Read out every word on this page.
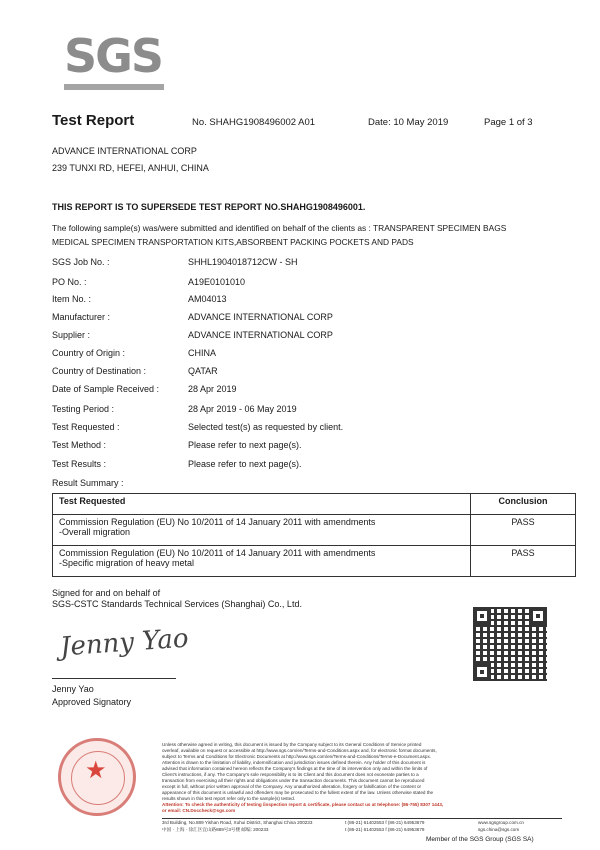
SGS
Test Report	No. SHAHG1908496002 A01	Date: 10 May 2019	Page 1 of 3
ADVANCE INTERNATIONAL CORP
239 TUNXI RD, HEFEI, ANHUI, CHINA
THIS REPORT IS TO SUPERSEDE TEST REPORT NO.SHAHG1908496001.
The following sample(s) was/were submitted and identified on behalf of the clients as : TRANSPARENT SPECIMEN BAGS
MEDICAL SPECIMEN TRANSPORTATION KITS,ABSORBENT PACKING POCKETS AND PADS
SGS Job No. :	SHHL1904018712CW - SH
PO No. :	A19E0101010
Item No. :	AM04013
Manufacturer :	ADVANCE INTERNATIONAL CORP
Supplier :	ADVANCE INTERNATIONAL CORP
Country of Origin :	CHINA
Country of Destination :	QATAR
Date of Sample Received :	28 Apr 2019
Testing Period :	28 Apr 2019 - 06 May 2019
Test Requested :	Selected test(s) as requested by client.
Test Method :	Please refer to next page(s).
Test Results :	Please refer to next page(s).
Result Summary :
Test Requested	Conclusion

Commission Regulation (EU) No 10/2011 of 14 January 2011 with amendments
-Overall migration	PASS

Commission Regulation (EU) No 10/2011 of 14 January 2011 with amendments
-Specific migration of heavy metal	PASS
Signed for and on behalf of
SGS-CSTC Standards Technical Services (Shanghai) Co., Ltd.
Jenny Yao
Jenny Yao
Approved Signatory
★
Unless otherwise agreed in writing, this document is issued by the Company subject to its General Conditions of Service printed
overleaf, available on request or accessible at http://www.sgs.com/en/Terms-and-Conditions.aspx and, for electronic format documents,
subject to Terms and Conditions for Electronic Documents at http://www.sgs.com/en/Terms-and-Conditions/Terms-e-Document.aspx.
Attention is drawn to the limitation of liability, indemnification and jurisdiction issues defined therein. Any holder of this document is
advised that information contained hereon reflects the Company's findings at the time of its intervention only and within the limits of
Client's instructions, if any. The Company's sole responsibility is to its Client and this document does not exonerate parties to a
transaction from exercising all their rights and obligations under the transaction documents. This document cannot be reproduced
except in full, without prior written approval of the Company. Any unauthorized alteration, forgery or falsification of the content or
appearance of this document is unlawful and offenders may be prosecuted to the fullest extent of the law. Unless otherwise stated the
results shown in this test report refer only to the sample(s) tested.
Attention: To check the authenticity of testing /inspection report & certificate, please contact us at telephone: (86-755) 8307 1443,
or email: CN.Doccheck@sgs.com
3rd Building, No.889 Yishan Road, Xuhui District, Shanghai China 200233
中国 · 上海 · 徐汇区宜山路889号3号楼 邮编: 200233
t (86-21) 61402553 f (86-21) 64953679
t (86-21) 61402553 f (86-21) 64953679
www.sgsgroup.com.cn
sgs.china@sgs.com
Member of the SGS Group (SGS SA)
